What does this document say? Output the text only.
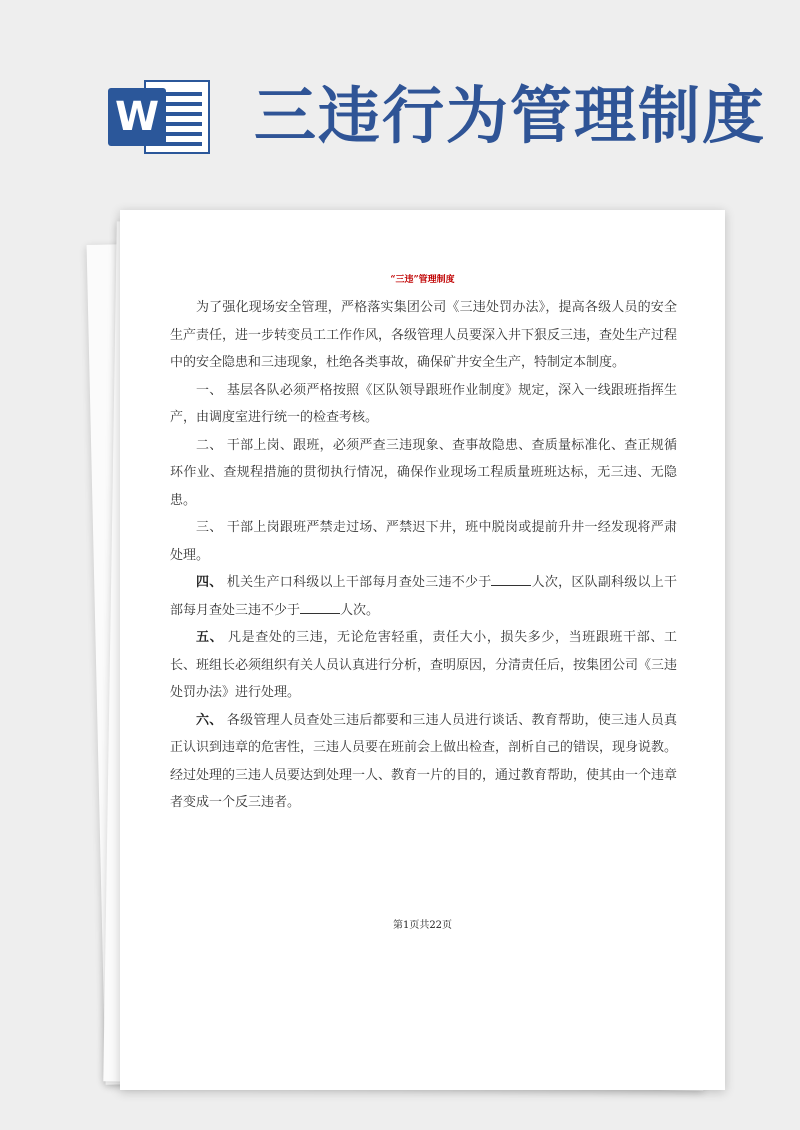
W 三违行为管理制度
“三违”管理制度

为了强化现场安全管理，严格落实集团公司《三违处罚办法》，提高各级人员的安全生产责任，进一步转变员工工作作风，各级管理人员要深入井下狠反三违，查处生产过程中的安全隐患和三违现象，杜绝各类事故，确保矿井安全生产，特制定本制度。

一、 基层各队必须严格按照《区队领导跟班作业制度》规定，深入一线跟班指挥生产，由调度室进行统一的检查考核。

二、 干部上岗、跟班，必须严查三违现象、查事故隐患、查质量标准化、查正规循环作业、查规程措施的贯彻执行情况，确保作业现场工程质量班班达标，无三违、无隐患。

三、 干部上岗跟班严禁走过场、严禁迟下井，班中脱岗或提前升井一经发现将严肃处理。

四、 机关生产口科级以上干部每月查处三违不少于	人次，区队副科级以上干部每月查处三违不少于	人次。

五、 凡是查处的三违，无论危害轻重，责任大小，损失多少，当班跟班干部、工长、班组长必须组织有关人员认真进行分析，查明原因，分清责任后，按集团公司《三违处罚办法》进行处理。

六、 各级管理人员查处三违后都要和三违人员进行谈话、教育帮助，使三违人员真正认识到违章的危害性，三违人员要在班前会上做出检查，剖析自己的错误，现身说教。经过处理的三违人员要达到处理一人、教育一片的目的，通过教育帮助，使其由一个违章者变成一个反三违者。

第1页共22页
